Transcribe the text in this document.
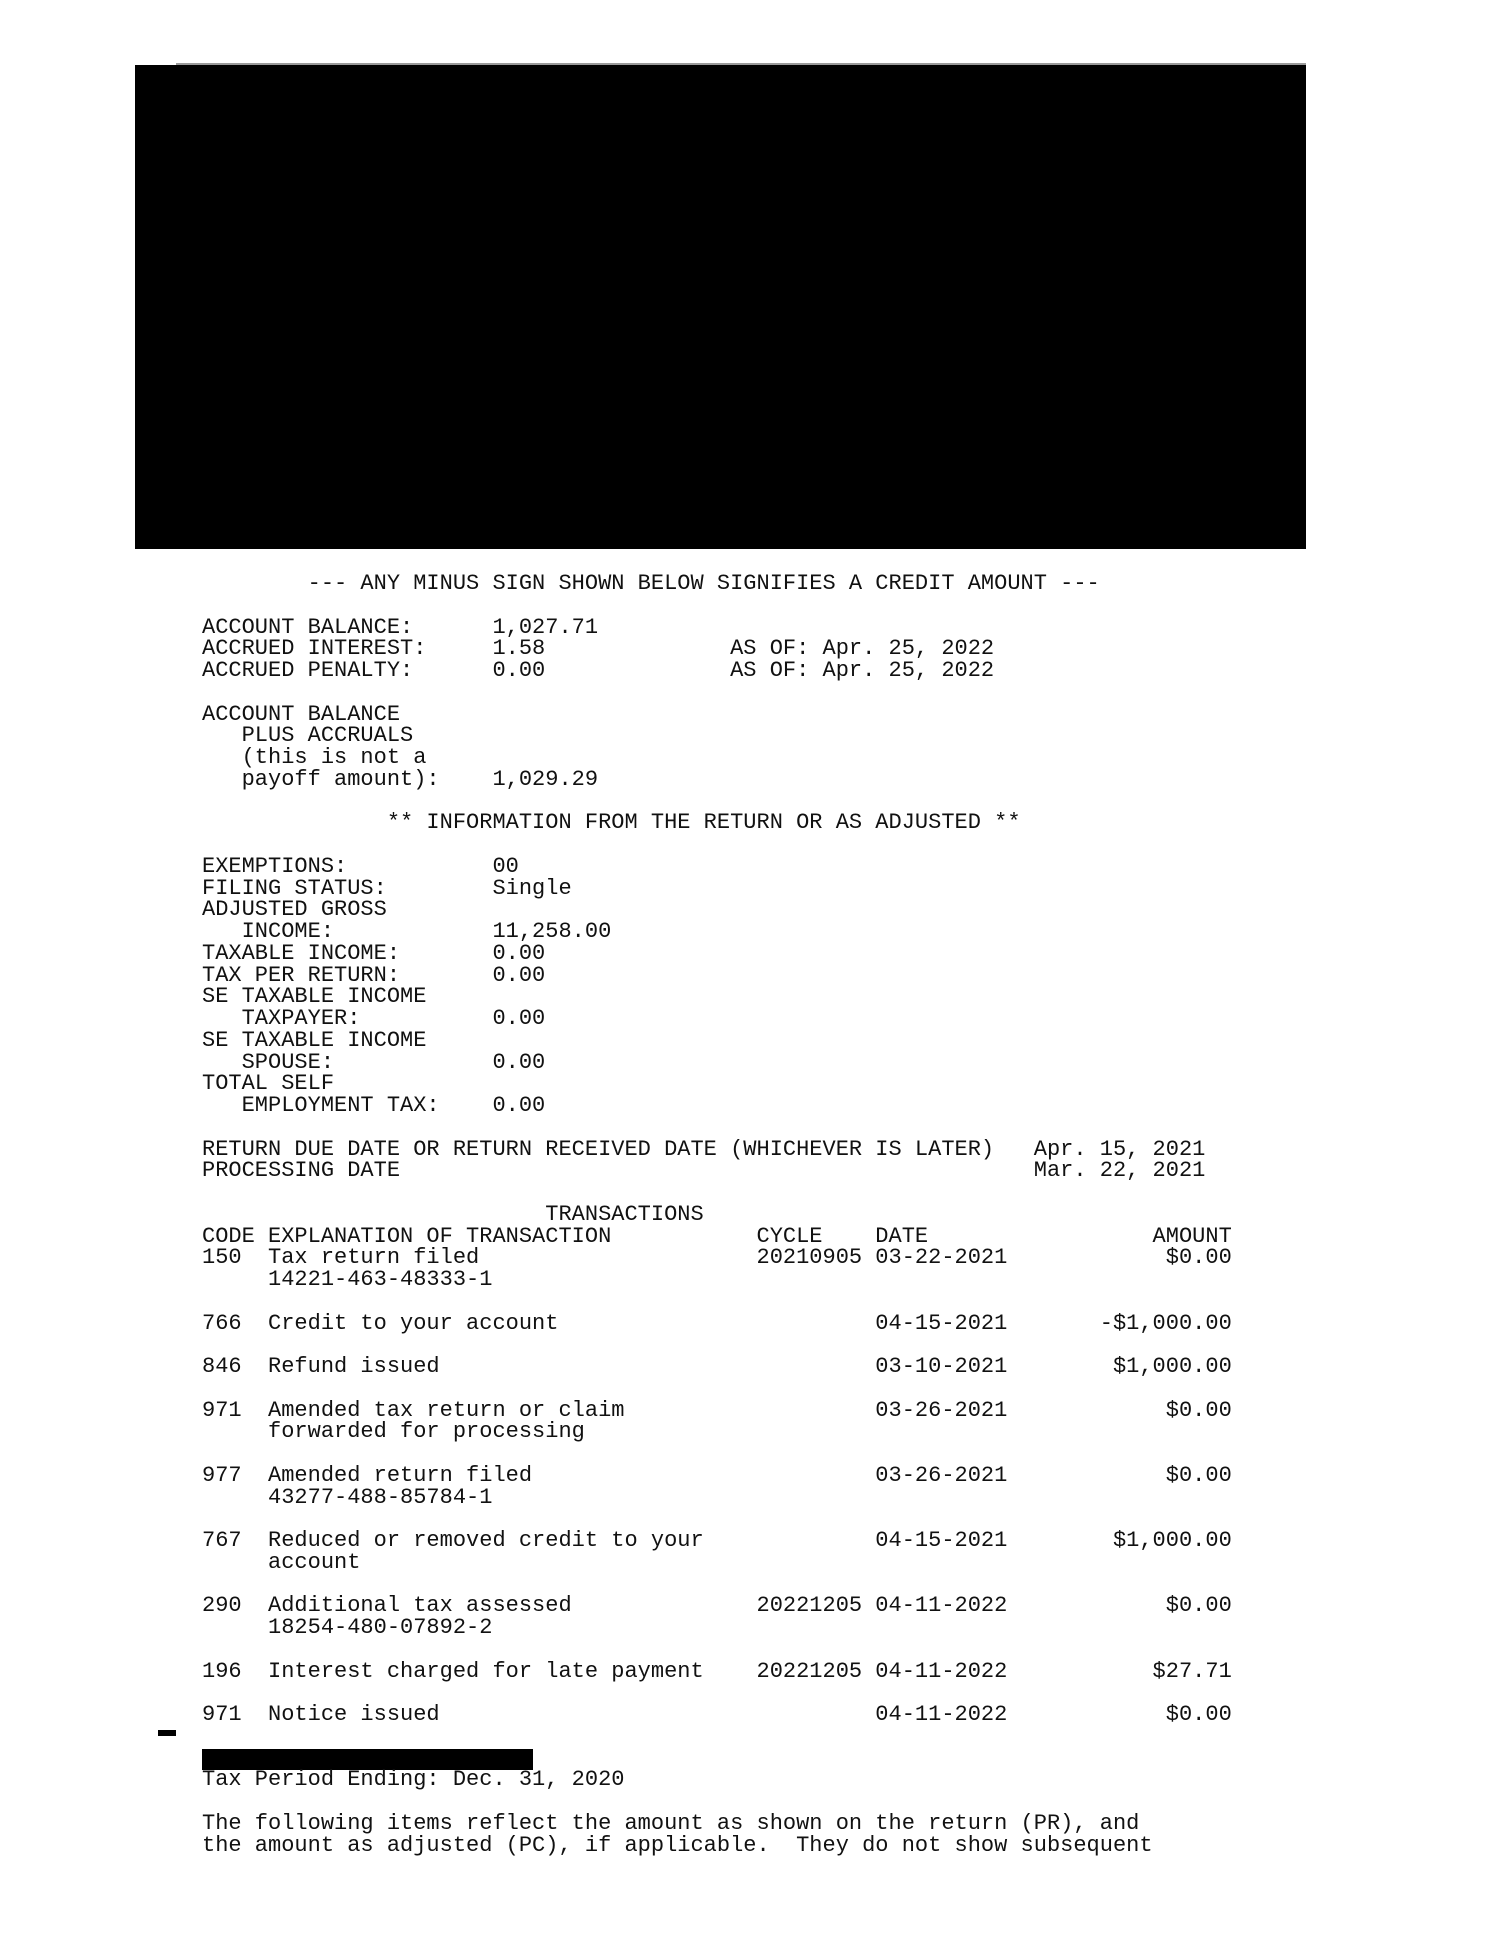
--- ANY MINUS SIGN SHOWN BELOW SIGNIFIES A CREDIT AMOUNT ---
ACCOUNT BALANCE:      1,027.71
ACCRUED INTEREST:     1.58              AS OF: Apr. 25, 2022
ACCRUED PENALTY:      0.00              AS OF: Apr. 25, 2022
ACCOUNT BALANCE
PLUS ACCRUALS
(this is not a
payoff amount):    1,029.29
** INFORMATION FROM THE RETURN OR AS ADJUSTED **
EXEMPTIONS:           00
FILING STATUS:        Single
ADJUSTED GROSS
INCOME:            11,258.00
TAXABLE INCOME:       0.00
TAX PER RETURN:       0.00
SE TAXABLE INCOME
TAXPAYER:          0.00
SE TAXABLE INCOME
SPOUSE:            0.00
TOTAL SELF
EMPLOYMENT TAX:    0.00
RETURN DUE DATE OR RETURN RECEIVED DATE (WHICHEVER IS LATER)   Apr. 15, 2021
PROCESSING DATE                                                Mar. 22, 2021
TRANSACTIONS
CODE EXPLANATION OF TRANSACTION           CYCLE    DATE                 AMOUNT
150  Tax return filed                     20210905 03-22-2021            $0.00
14221-463-48333-1
766  Credit to your account                        04-15-2021       -$1,000.00
846  Refund issued                                 03-10-2021        $1,000.00
971  Amended tax return or claim                   03-26-2021            $0.00
forwarded for processing
977  Amended return filed                          03-26-2021            $0.00
43277-488-85784-1
767  Reduced or removed credit to your             04-15-2021        $1,000.00
account
290  Additional tax assessed              20221205 04-11-2022            $0.00
18254-480-07892-2
196  Interest charged for late payment    20221205 04-11-2022           $27.71
971  Notice issued                                 04-11-2022            $0.00
Tax Period Ending: Dec. 31, 2020
The following items reflect the amount as shown on the return (PR), and
the amount as adjusted (PC), if applicable.  They do not show subsequent
